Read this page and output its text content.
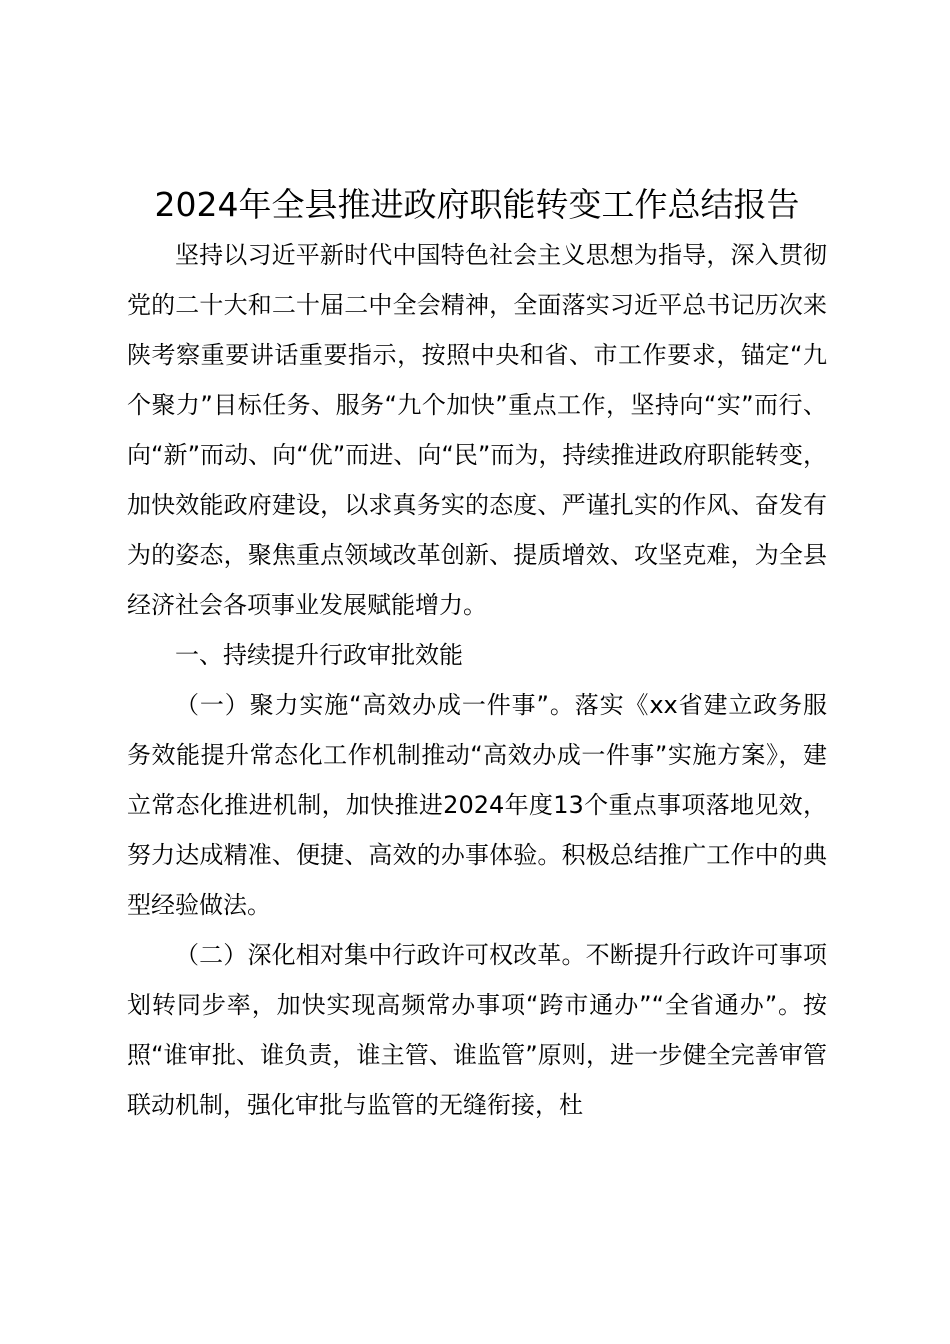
2024年全县推进政府职能转变工作总结报告

坚持以习近平新时代中国特色社会主义思想为指导，深入贯彻党的二十大和二十届二中全会精神，全面落实习近平总书记历次来陕考察重要讲话重要指示，按照中央和省、市工作要求，锚定“九个聚力”目标任务、服务“九个加快”重点工作，坚持向“实”而行、向“新”而动、向“优”而进、向“民”而为，持续推进政府职能转变，加快效能政府建设，以求真务实的态度、严谨扎实的作风、奋发有为的姿态，聚焦重点领域改革创新、提质增效、攻坚克难，为全县经济社会各项事业发展赋能增力。

一、持续提升行政审批效能

（一）聚力实施“高效办成一件事”。落实《xx省建立政务服务效能提升常态化工作机制推动“高效办成一件事”实施方案》，建立常态化推进机制，加快推进2024年度13个重点事项落地见效，努力达成精准、便捷、高效的办事体验。积极总结推广工作中的典型经验做法。

（二）深化相对集中行政许可权改革。不断提升行政许可事项划转同步率，加快实现高频常办事项“跨市通办”“全省通办”。按照“谁审批、谁负责，谁主管、谁监管”原则，进一步健全完善审管联动机制，强化审批与监管的无缝衔接，杜
